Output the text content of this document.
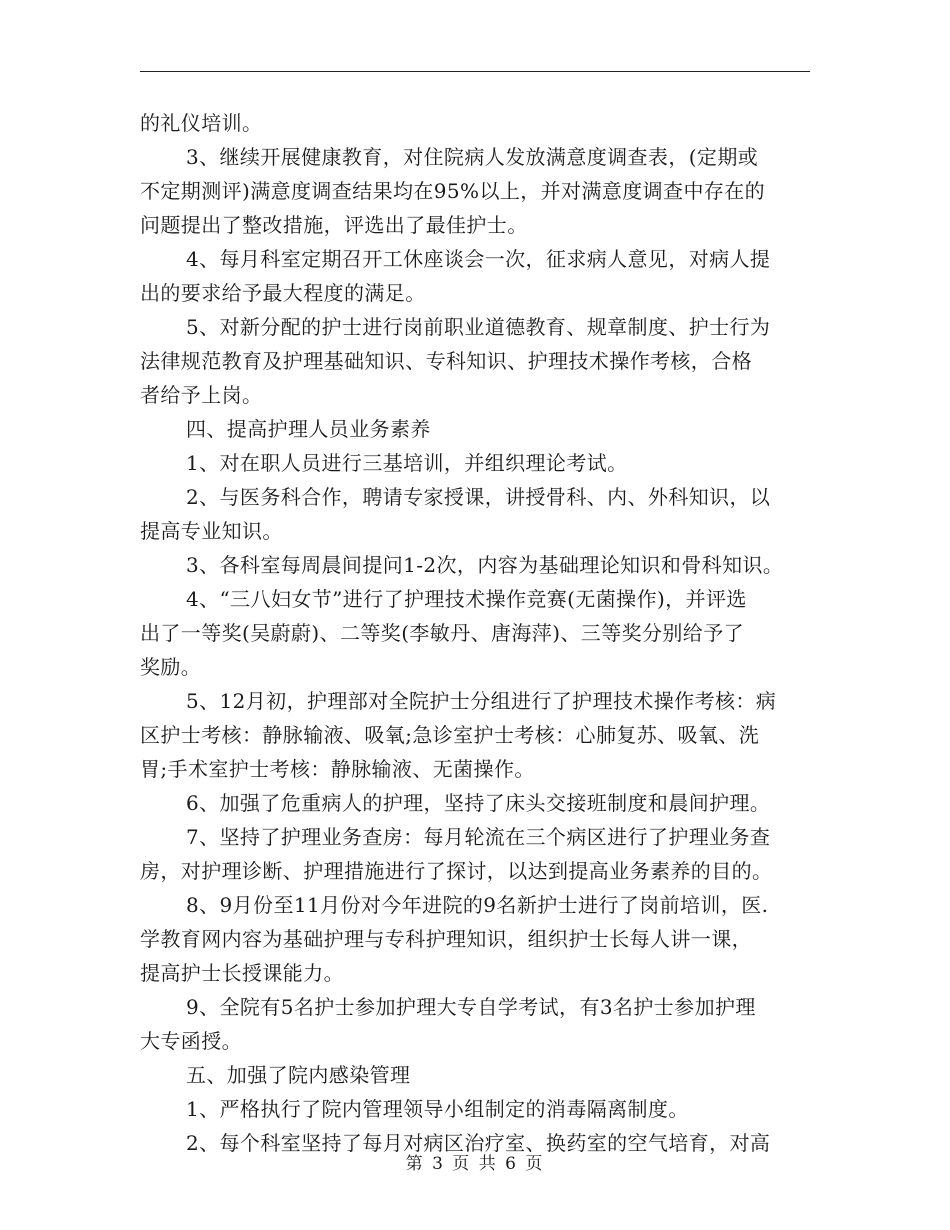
的礼仪培训。
3、继续开展健康教育，对住院病人发放满意度调查表，(定期或
不定期测评)满意度调查结果均在95%以上，并对满意度调查中存在的
问题提出了整改措施，评选出了最佳护士。
4、每月科室定期召开工休座谈会一次，征求病人意见，对病人提
出的要求给予最大程度的满足。
5、对新分配的护士进行岗前职业道德教育、规章制度、护士行为
法律规范教育及护理基础知识、专科知识、护理技术操作考核，合格
者给予上岗。
四、提高护理人员业务素养
1、对在职人员进行三基培训，并组织理论考试。
2、与医务科合作，聘请专家授课，讲授骨科、内、外科知识，以
提高专业知识。
3、各科室每周晨间提问1-2次，内容为基础理论知识和骨科知识。
4、“三八妇女节”进行了护理技术操作竞赛(无菌操作)，并评选
出了一等奖(吴蔚蔚)、二等奖(李敏丹、唐海萍)、三等奖分别给予了
奖励。
5、12月初，护理部对全院护士分组进行了护理技术操作考核：病
区护士考核：静脉输液、吸氧;急诊室护士考核：心肺复苏、吸氧、洗
胃;手术室护士考核：静脉输液、无菌操作。
6、加强了危重病人的护理，坚持了床头交接班制度和晨间护理。
7、坚持了护理业务查房：每月轮流在三个病区进行了护理业务查
房，对护理诊断、护理措施进行了探讨，以达到提高业务素养的目的。
8、9月份至11月份对今年进院的9名新护士进行了岗前培训，医.
学教育网内容为基础护理与专科护理知识，组织护士长每人讲一课，
提高护士长授课能力。
9、全院有5名护士参加护理大专自学考试，有3名护士参加护理
大专函授。
五、加强了院内感染管理
1、严格执行了院内管理领导小组制定的消毒隔离制度。
2、每个科室坚持了每月对病区治疗室、换药室的空气培育，对高
第 3 页 共 6 页
